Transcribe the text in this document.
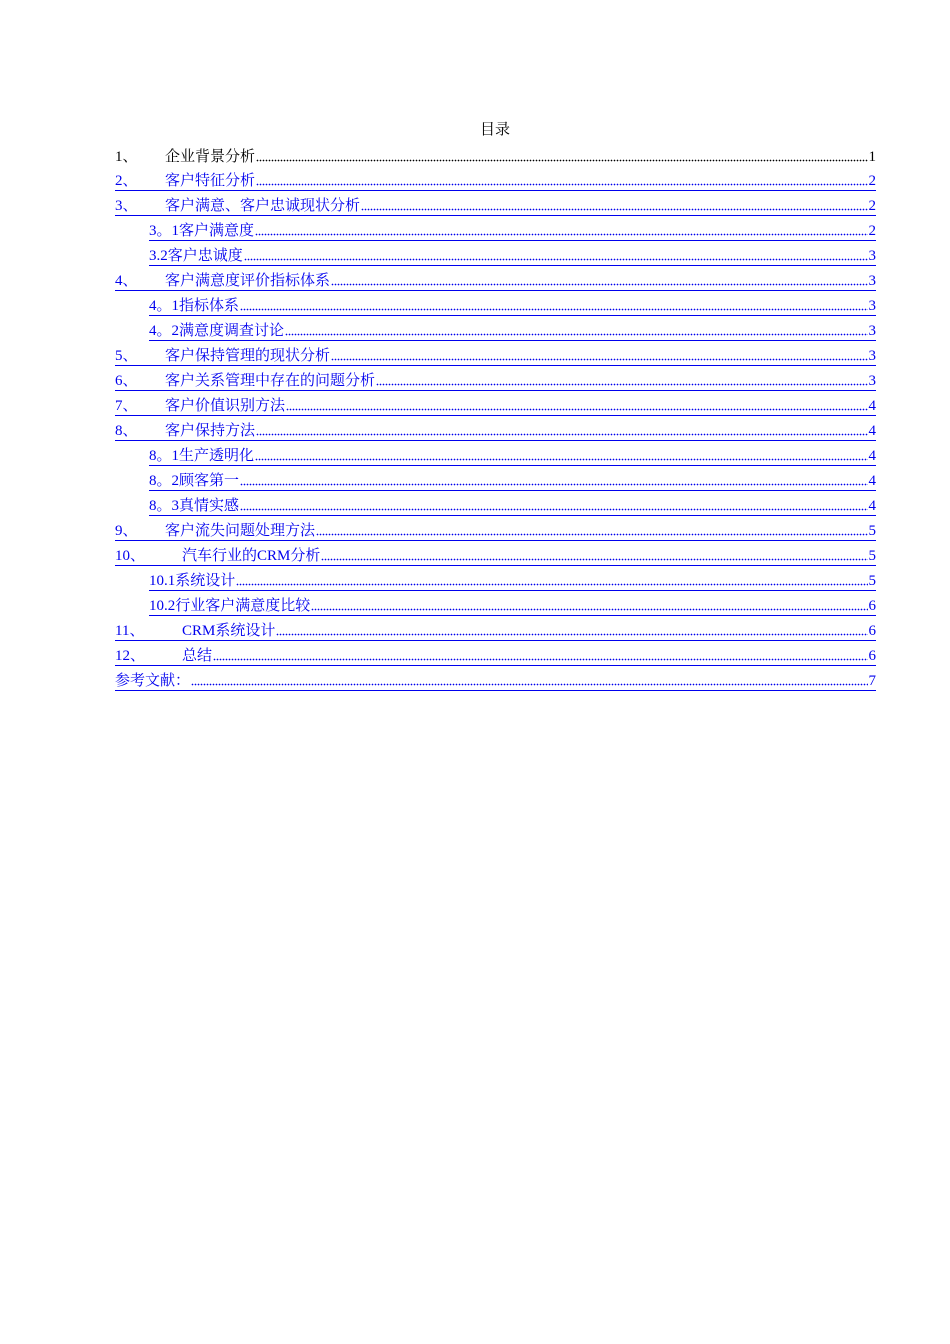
目录
1、	企业背景分析	1
2、	客户特征分析	2
3、	客户满意、客户忠诚现状分析	2
3。1 客户满意度	2
3.2 客户忠诚度	3
4、	客户满意度评价指标体系	3
4。1 指标体系	3
4。2 满意度调查讨论	3
5、	客户保持管理的现状分析	3
6、	客户关系管理中存在的问题分析	3
7、	客户价值识别方法	4
8、	客户保持方法	4
8。1 生产透明化	4
8。2 顾客第一	4
8。3 真情实感	4
9、	客户流失问题处理方法	5
10、	汽车行业的CRM分析	5
10.1 系统设计	5
10.2 行业客户满意度比较	6
11、	CRM系统设计	6
12、	总结	6
参考文献：	7
